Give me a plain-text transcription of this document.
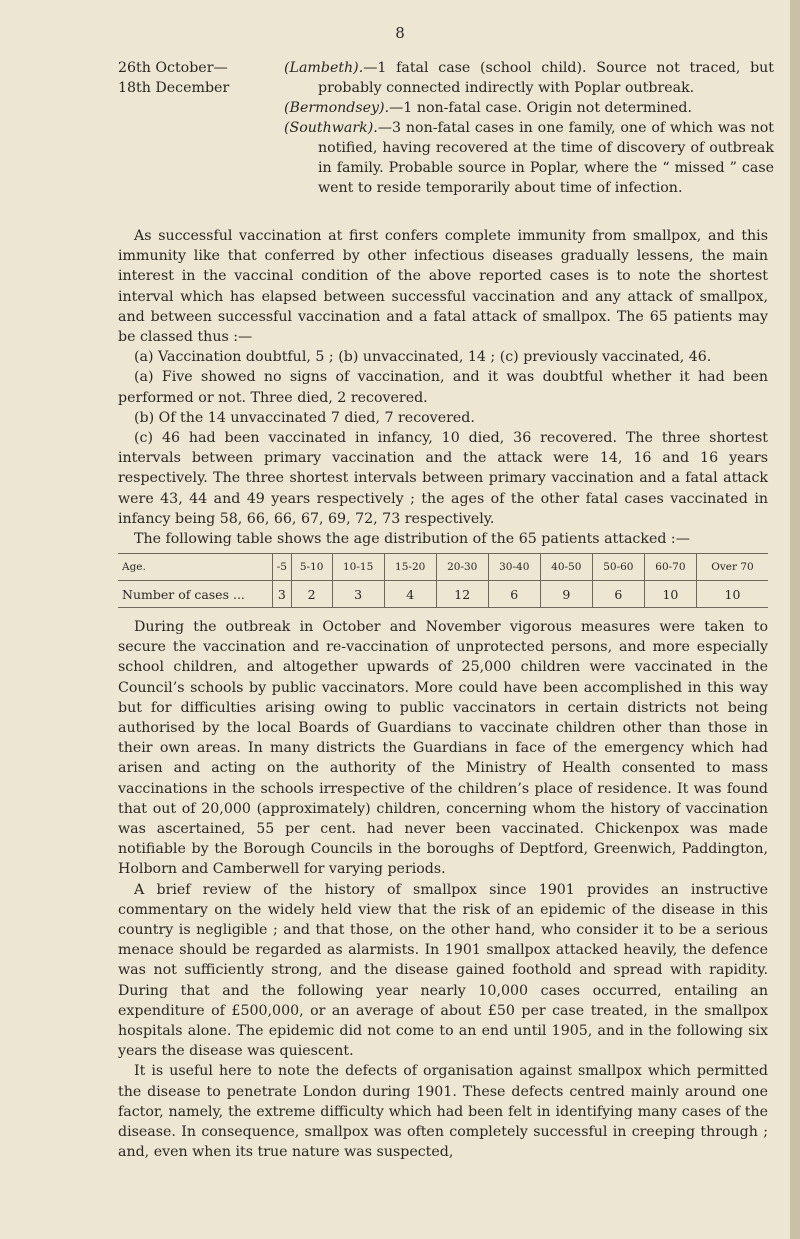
8
26th October—
18th December
(Lambeth).—1 fatal case (school child). Source not traced, but probably connected indirectly with Poplar outbreak.
(Bermondsey).—1 non-fatal case. Origin not determined.
(Southwark).—3 non-fatal cases in one family, one of which was not notified, having recovered at the time of discovery of outbreak in family. Probable source in Poplar, where the “ missed ” case went to reside temporarily about time of infection.

As successful vaccination at first confers complete immunity from smallpox, and this immunity like that conferred by other infectious diseases gradually lessens, the main interest in the vaccinal condition of the above reported cases is to note the shortest interval which has elapsed between successful vaccination and any attack of smallpox, and between successful vaccination and a fatal attack of smallpox. The 65 patients may be classed thus :—

(a) Vaccination doubtful, 5 ; (b) unvaccinated, 14 ; (c) previously vaccinated, 46.

(a) Five showed no signs of vaccination, and it was doubtful whether it had been performed or not. Three died, 2 recovered.

(b) Of the 14 unvaccinated 7 died, 7 recovered.

(c) 46 had been vaccinated in infancy, 10 died, 36 recovered. The three shortest intervals between primary vaccination and the attack were 14, 16 and 16 years respectively. The three shortest intervals between primary vaccination and a fatal attack were 43, 44 and 49 years respectively ; the ages of the other fatal cases vaccinated in infancy being 58, 66, 66, 67, 69, 72, 73 respectively.

The following table shows the age distribution of the 65 patients attacked :—

Age.	-5	5-10	10-15	15-20	20-30	30-40	40-50	50-60	60-70	Over 70
Number of cases ...	3	2	3	4	12	6	9	6	10	10

During the outbreak in October and November vigorous measures were taken to secure the vaccination and re-vaccination of unprotected persons, and more especially school children, and altogether upwards of 25,000 children were vaccinated in the Council’s schools by public vaccinators. More could have been accomplished in this way but for difficulties arising owing to public vaccinators in certain districts not being authorised by the local Boards of Guardians to vaccinate children other than those in their own areas. In many districts the Guardians in face of the emergency which had arisen and acting on the authority of the Ministry of Health consented to mass vaccinations in the schools irrespective of the children’s place of residence. It was found that out of 20,000 (approximately) children, concerning whom the history of vaccination was ascertained, 55 per cent. had never been vaccinated. Chickenpox was made notifiable by the Borough Councils in the boroughs of Deptford, Greenwich, Paddington, Holborn and Camberwell for varying periods.

A brief review of the history of smallpox since 1901 provides an instructive commentary on the widely held view that the risk of an epidemic of the disease in this country is negligible ; and that those, on the other hand, who consider it to be a serious menace should be regarded as alarmists. In 1901 smallpox attacked heavily, the defence was not sufficiently strong, and the disease gained foothold and spread with rapidity. During that and the following year nearly 10,000 cases occurred, entailing an expenditure of £500,000, or an average of about £50 per case treated, in the smallpox hospitals alone. The epidemic did not come to an end until 1905, and in the following six years the disease was quiescent.

It is useful here to note the defects of organisation against smallpox which permitted the disease to penetrate London during 1901. These defects centred mainly around one factor, namely, the extreme difficulty which had been felt in identifying many cases of the disease. In consequence, smallpox was often completely successful in creeping through ; and, even when its true nature was suspected,
